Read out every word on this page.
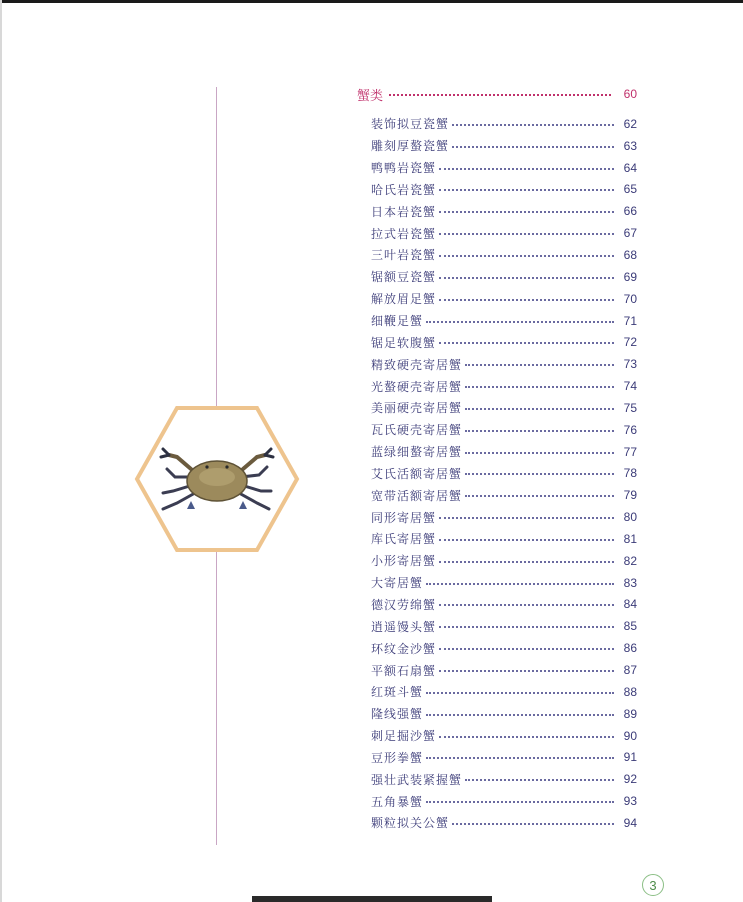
蟹类	60
装饰拟豆瓷蟹	62
雕刻厚螯瓷蟹	63
鸭鸭岩瓷蟹	64
哈氏岩瓷蟹	65
日本岩瓷蟹	66
拉式岩瓷蟹	67
三叶岩瓷蟹	68
锯额豆瓷蟹	69
解放眉足蟹	70
细鞭足蟹	71
锯足软腹蟹	72
精致硬壳寄居蟹	73
光螯硬壳寄居蟹	74
美丽硬壳寄居蟹	75
瓦氏硬壳寄居蟹	76
蓝绿细螯寄居蟹	77
艾氏活额寄居蟹	78
宽带活额寄居蟹	79
同形寄居蟹	80
库氏寄居蟹	81
小形寄居蟹	82
大寄居蟹	83
德汉劳绵蟹	84
逍遥馒头蟹	85
环纹金沙蟹	86
平额石扇蟹	87
红斑斗蟹	88
隆线强蟹	89
刺足掘沙蟹	90
豆形拳蟹	91
强壮武装紧握蟹	92
五角暴蟹	93
颗粒拟关公蟹	94
3
